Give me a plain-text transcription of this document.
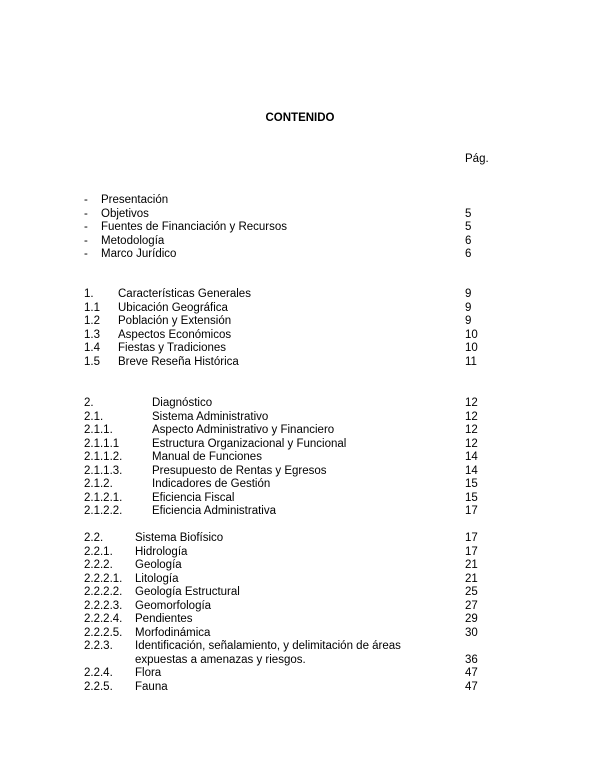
CONTENIDO
Pág.
- Presentación
- Objetivos	5
- Fuentes de Financiación y Recursos	5
- Metodología	6
- Marco Jurídico	6
1. Características Generales	9
1.1 Ubicación Geográfica	9
1.2 Población y Extensión	9
1.3 Aspectos Económicos	10
1.4 Fiestas y Tradiciones	10
1.5 Breve Reseña Histórica	11
2.	Diagnóstico	12
2.1.	Sistema Administrativo	12
2.1.1.	Aspecto Administrativo y Financiero	12
2.1.1.1	Estructura Organizacional y Funcional	12
2.1.1.2.	Manual de Funciones	14
2.1.1.3.	Presupuesto de Rentas y Egresos	14
2.1.2.	Indicadores de Gestión	15
2.1.2.1.	Eficiencia Fiscal	15
2.1.2.2.	Eficiencia Administrativa	17
2.2.	Sistema Biofísico	17
2.2.1. Hidrología	17
2.2.2. Geología	21
2.2.2.1. Litología	21
2.2.2.2. Geología Estructural	25
2.2.2.3. Geomorfología	27
2.2.2.4. Pendientes	29
2.2.2.5. Morfodinámica	30
2.2.3. Identificación, señalamiento, y delimitación de áreas
expuestas a amenazas y riesgos.	36
2.2.4. Flora	47
2.2.5. Fauna	47
